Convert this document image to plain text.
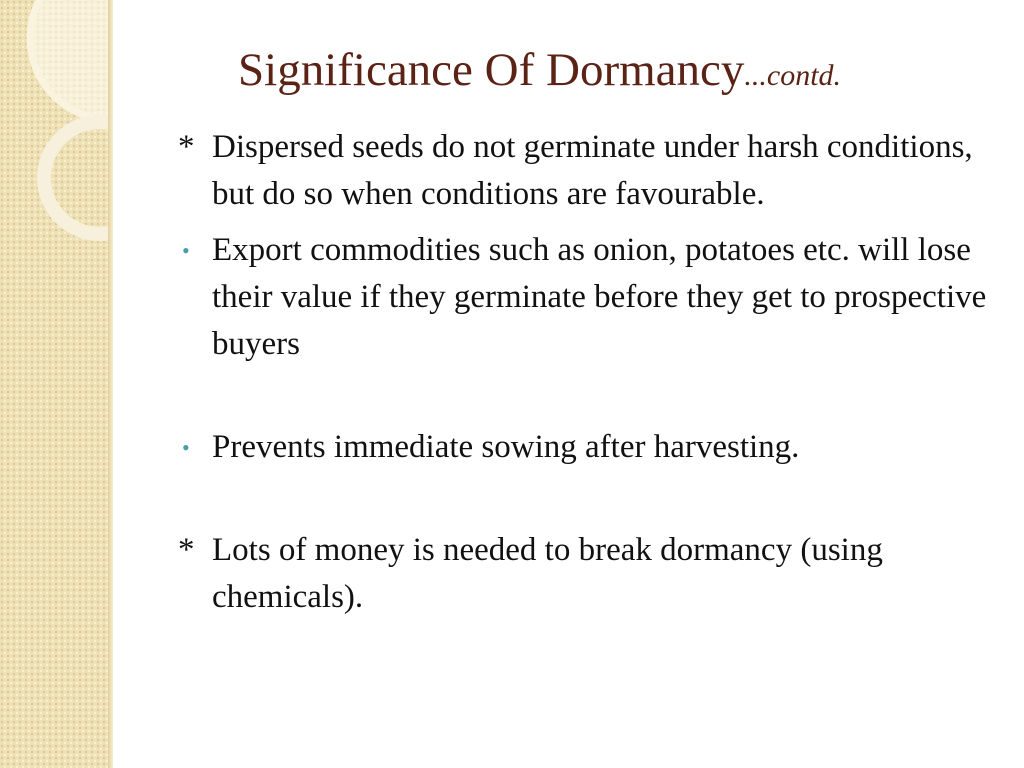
Significance Of Dormancy...contd.
* Dispersed seeds do not germinate under harsh conditions, but do so when conditions are favourable.
• Export commodities such as onion, potatoes etc. will lose their value if they germinate before they get to prospective buyers
• Prevents immediate sowing after harvesting.
* Lots of money is needed to break dormancy (using chemicals).
